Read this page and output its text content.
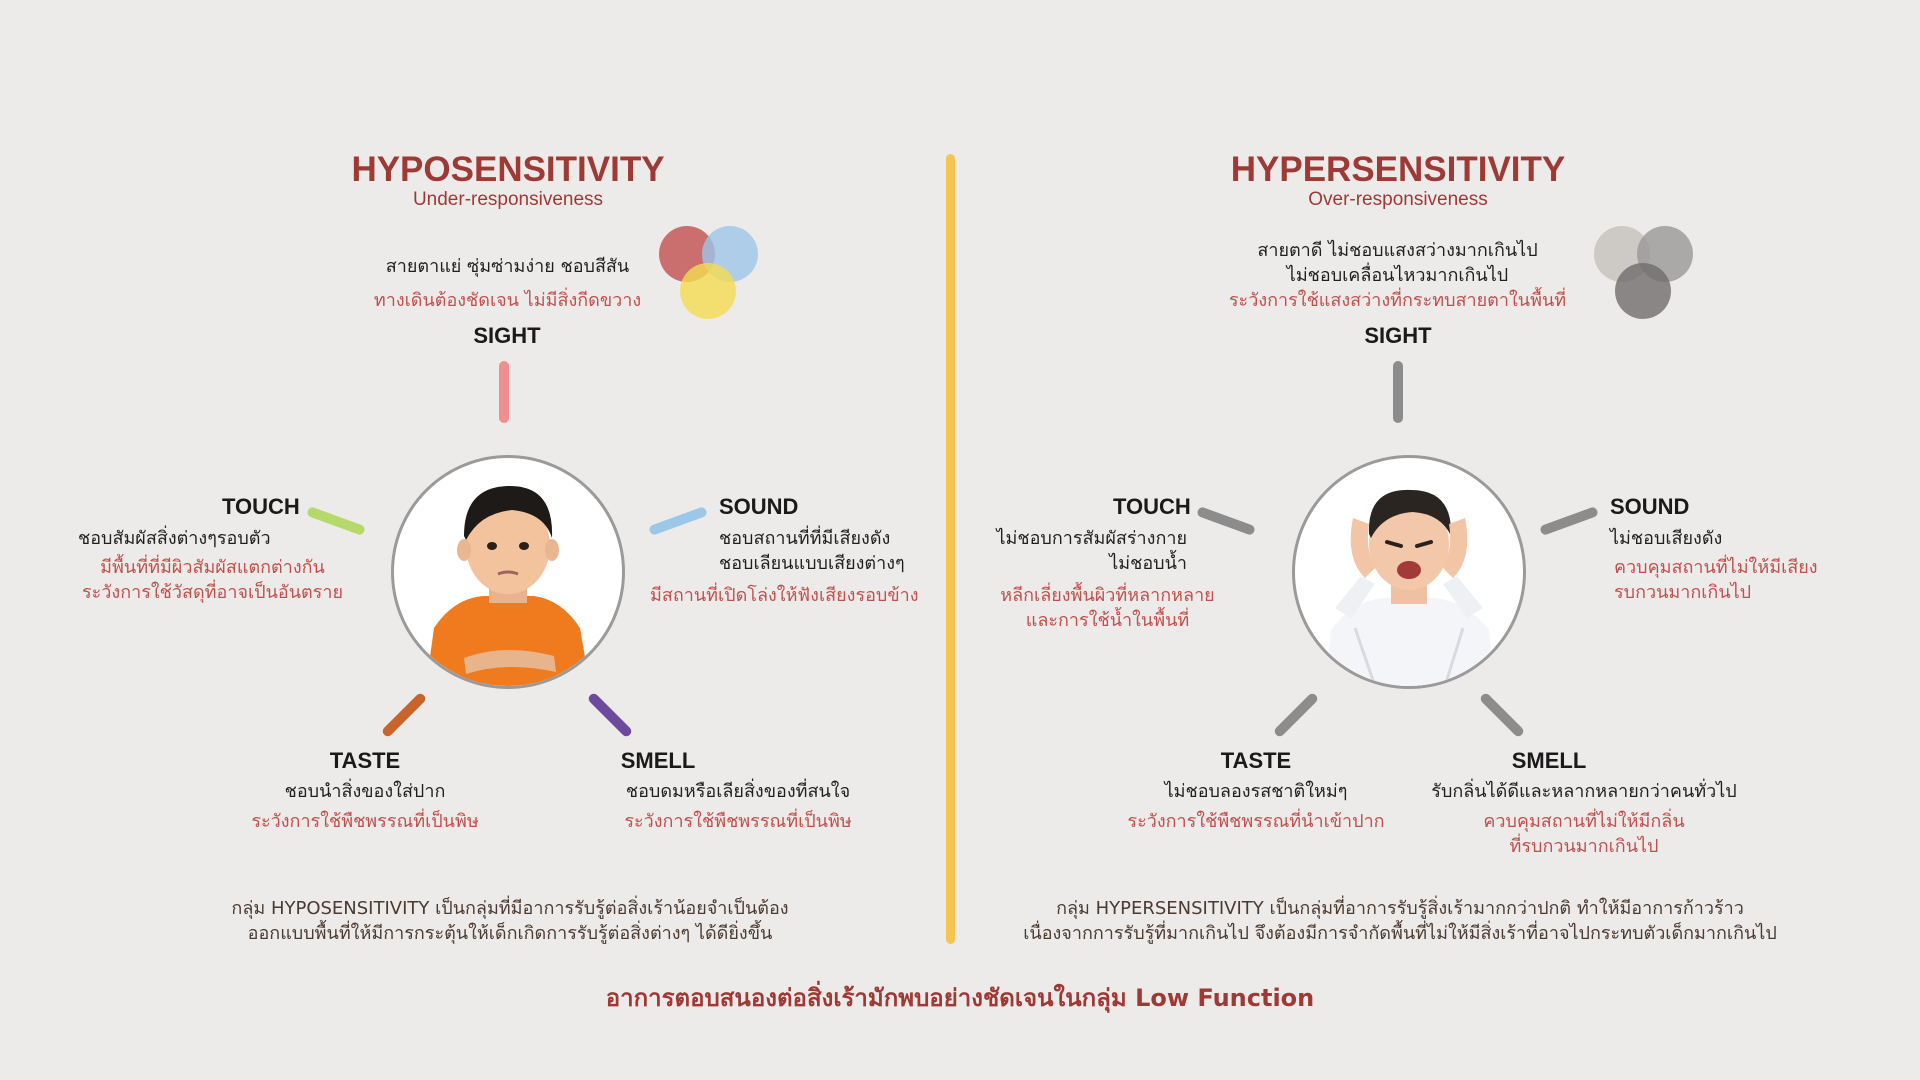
HYPOSENSITIVITY
Under-responsiveness
สายตาแย่ ซุ่มซ่ามง่าย ชอบสีสัน
ทางเดินต้องชัดเจน ไม่มีสิ่งกีดขวาง
SIGHT
TOUCH
ชอบสัมผัสสิ่งต่างๆรอบตัว
มีพื้นที่ที่มีผิวสัมผัสแตกต่างกัน
ระวังการใช้วัสดุที่อาจเป็นอันตราย
SOUND
ชอบสถานที่ที่มีเสียงดัง
ชอบเลียนแบบเสียงต่างๆ
มีสถานที่เปิดโล่งให้ฟังเสียงรอบข้าง
TASTE
ชอบนำสิ่งของใส่ปาก
ระวังการใช้พืชพรรณที่เป็นพิษ
SMELL
ชอบดมหรือเลียสิ่งของที่สนใจ
ระวังการใช้พืชพรรณที่เป็นพิษ
กลุ่ม HYPOSENSITIVITY เป็นกลุ่มที่มีอาการรับรู้ต่อสิ่งเร้าน้อยจำเป็นต้อง
ออกแบบพื้นที่ให้มีการกระตุ้นให้เด็กเกิดการรับรู้ต่อสิ่งต่างๆ ได้ดียิ่งขึ้น
HYPERSENSITIVITY
Over-responsiveness
สายตาดี ไม่ชอบแสงสว่างมากเกินไป
ไม่ชอบเคลื่อนไหวมากเกินไป
ระวังการใช้แสงสว่างที่กระทบสายตาในพื้นที่
SIGHT
TOUCH
ไม่ชอบการสัมผัสร่างกาย
ไม่ชอบน้ำ
หลีกเลี่ยงพื้นผิวที่หลากหลาย
และการใช้น้ำในพื้นที่
SOUND
ไม่ชอบเสียงดัง
ควบคุมสถานที่ไม่ให้มีเสียง
รบกวนมากเกินไป
TASTE
ไม่ชอบลองรสชาติใหม่ๆ
ระวังการใช้พืชพรรณที่นำเข้าปาก
SMELL
รับกลิ่นได้ดีและหลากหลายกว่าคนทั่วไป
ควบคุมสถานที่ไม่ให้มีกลิ่น
ที่รบกวนมากเกินไป
กลุ่ม HYPERSENSITIVITY เป็นกลุ่มที่อาการรับรู้สิ่งเร้ามากกว่าปกติ ทำให้มีอาการก้าวร้าว
เนื่องจากการรับรู้ที่มากเกินไป จึงต้องมีการจำกัดพื้นที่ไม่ให้มีสิ่งเร้าที่อาจไปกระทบตัวเด็กมากเกินไป
อาการตอบสนองต่อสิ่งเร้ามักพบอย่างชัดเจนในกลุ่ม Low Function
